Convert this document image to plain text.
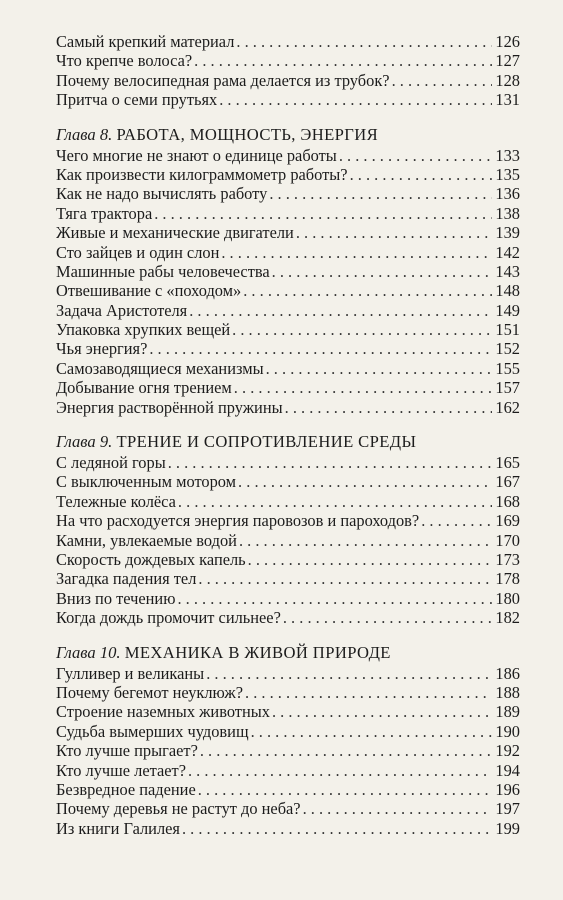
Самый крепкий материал . . .	126
Что крепче волоса? . . .	127
Почему велосипедная рама делается из трубок? . . .	128
Притча о семи прутьях . . .	131
Глава 8. РАБОТА, МОЩНОСТЬ, ЭНЕРГИЯ
Чего многие не знают о единице работы . . .	133
Как произвести килограммометр работы? . . .	135
Как не надо вычислять работу . . .	136
Тяга трактора . . .	138
Живые и механические двигатели . . .	139
Сто зайцев и один слон . . .	142
Машинные рабы человечества . . .	143
Отвешивание с «походом» . . .	148
Задача Аристотеля . . .	149
Упаковка хрупких вещей . . .	151
Чья энергия? . . .	152
Самозаводящиеся механизмы . . .	155
Добывание огня трением . . .	157
Энергия растворённой пружины . . .	162
Глава 9. ТРЕНИЕ И СОПРОТИВЛЕНИЕ СРЕДЫ
С ледяной горы . . .	165
С выключенным мотором . . .	167
Тележные колёса . . .	168
На что расходуется энергия паровозов и пароходов? . . .	169
Камни, увлекаемые водой . . .	170
Скорость дождевых капель . . .	173
Загадка падения тел . . .	178
Вниз по течению . . .	180
Когда дождь промочит сильнее? . . .	182
Глава 10. МЕХАНИКА В ЖИВОЙ ПРИРОДЕ
Гулливер и великаны . . .	186
Почему бегемот неуклюж? . . .	188
Строение наземных животных . . .	189
Судьба вымерших чудовищ . . .	190
Кто лучше прыгает? . . .	192
Кто лучше летает? . . .	194
Безвредное падение . . .	196
Почему деревья не растут до неба? . . .	197
Из книги Галилея . . .	199
